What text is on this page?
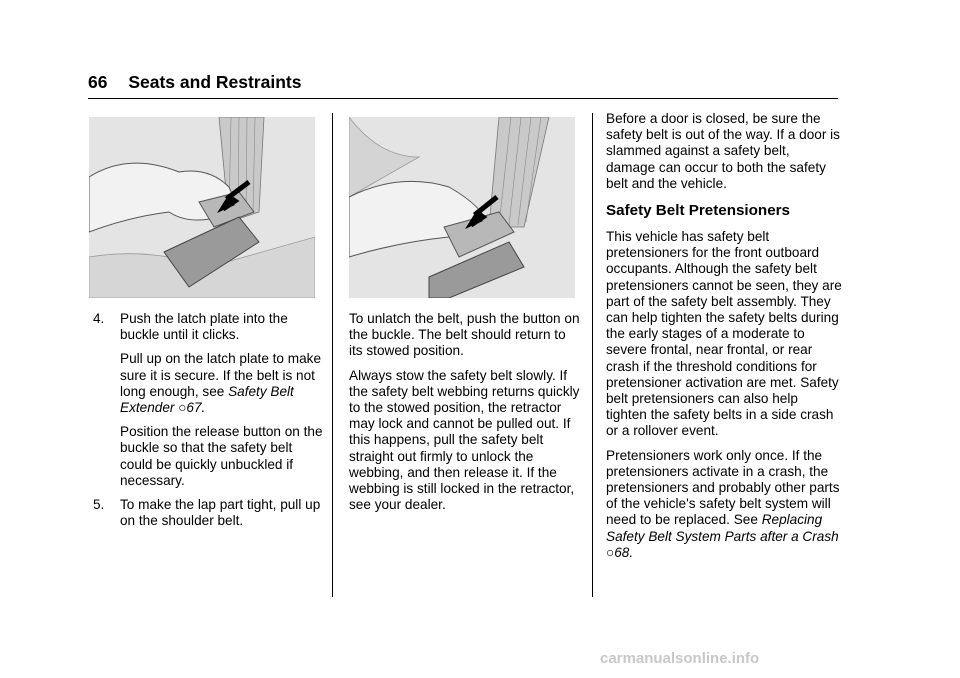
66 Seats and Restraints

4. Push the latch plate into the buckle until it clicks.

Pull up on the latch plate to make sure it is secure. If the belt is not long enough, see Safety Belt Extender ○67.

Position the release button on the buckle so that the safety belt could be quickly unbuckled if necessary.

5. To make the lap part tight, pull up on the shoulder belt.

To unlatch the belt, push the button on the buckle. The belt should return to its stowed position.

Always stow the safety belt slowly. If the safety belt webbing returns quickly to the stowed position, the retractor may lock and cannot be pulled out. If this happens, pull the safety belt straight out firmly to unlock the webbing, and then release it. If the webbing is still locked in the retractor, see your dealer.

Before a door is closed, be sure the safety belt is out of the way. If a door is slammed against a safety belt, damage can occur to both the safety belt and the vehicle.

Safety Belt Pretensioners

This vehicle has safety belt pretensioners for the front outboard occupants. Although the safety belt pretensioners cannot be seen, they are part of the safety belt assembly. They can help tighten the safety belts during the early stages of a moderate to severe frontal, near frontal, or rear crash if the threshold conditions for pretensioner activation are met. Safety belt pretensioners can also help tighten the safety belts in a side crash or a rollover event.

Pretensioners work only once. If the pretensioners activate in a crash, the pretensioners and probably other parts of the vehicle's safety belt system will need to be replaced. See Replacing Safety Belt System Parts after a Crash ○68.

carmanualsonline.info
